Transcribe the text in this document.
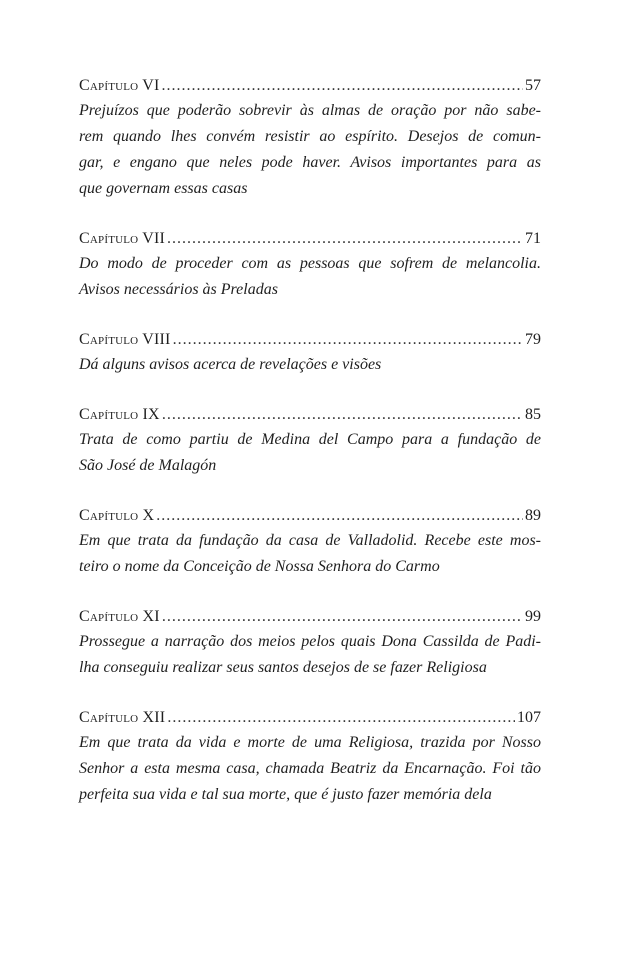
Capítulo VI .....	57
Prejuízos que poderão sobrevir às almas de oração por não sabe-
rem quando lhes convém resistir ao espírito. Desejos de comun-
gar, e engano que neles pode haver. Avisos importantes para as
que governam essas casas
Capítulo VII .....	71
Do modo de proceder com as pessoas que sofrem de melancolia.
Avisos necessários às Preladas
Capítulo VIII .....	79
Dá alguns avisos acerca de revelações e visões
Capítulo IX .....	85
Trata de como partiu de Medina del Campo para a fundação de
São José de Malagón
Capítulo X .....	89
Em que trata da fundação da casa de Valladolid. Recebe este mos-
teiro o nome da Conceição de Nossa Senhora do Carmo
Capítulo XI .....	99
Prossegue a narração dos meios pelos quais Dona Cassilda de Padi-
lha conseguiu realizar seus santos desejos de se fazer Religiosa
Capítulo XII .....	107
Em que trata da vida e morte de uma Religiosa, trazida por Nosso
Senhor a esta mesma casa, chamada Beatriz da Encarnação. Foi tão
perfeita sua vida e tal sua morte, que é justo fazer memória dela
